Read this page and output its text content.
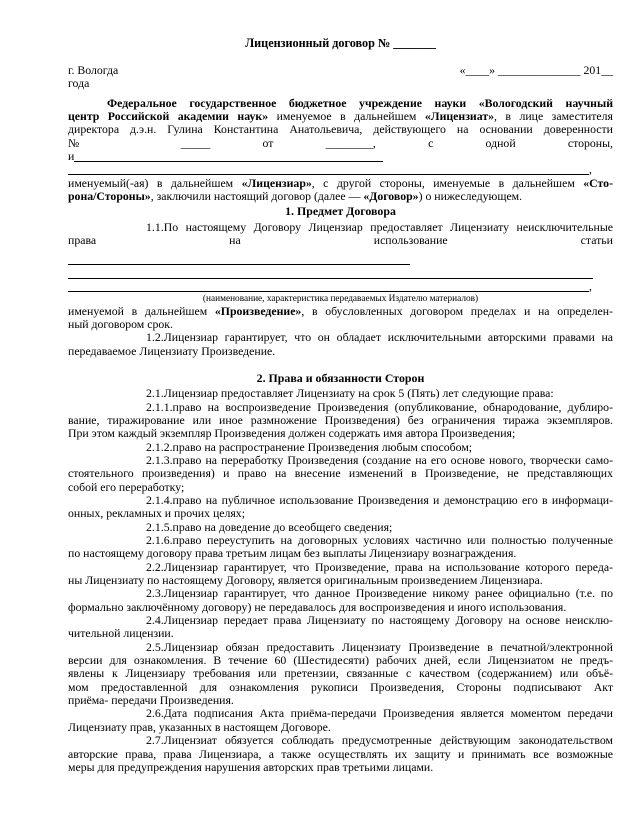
Лицензионный договор № _______
г. Вологда	«____» ______________ 201__
года
Федеральное государственное бюджетное учреждение науки «Вологодский научный
центр Российской академии наук» именуемое в дальнейшем «Лицензиат», в лице заместителя
директора д.э.н. Гулина Константина Анатольевича, действующего на основании доверенности
№ _____ от ________, с одной стороны,
и
,
именуемый(-ая) в дальнейшем «Лицензиар», с другой стороны, именуемые в дальнейшем «Сто-
рона/Стороны», заключили настоящий договор (далее — «Договор») о нижеследующем.
1. Предмет Договора
1.1.По настоящему Договору Лицензиар предоставляет Лицензиату неисключительные
права на использование статьи
,
(наименование, характеристика передаваемых Издателю материалов)
именуемой в дальнейшем «Произведение», в обусловленных договором пределах и на определен-
ный договором срок.
1.2.Лицензиар гарантирует, что он обладает исключительными авторскими правами на
передаваемое Лицензиату Произведение.
2. Права и обязанности Сторон
2.1.Лицензиар предоставляет Лицензиату на срок 5 (Пять) лет следующие права:
2.1.1.право на воспроизведение Произведения (опубликование, обнародование, дублиро-
вание, тиражирование или иное размножение Произведения) без ограничения тиража экземпляров.
При этом каждый экземпляр Произведения должен содержать имя автора Произведения;
2.1.2.право на распространение Произведения любым способом;
2.1.3.право на переработку Произведения (создание на его основе нового, творчески само-
стоятельного произведения) и право на внесение изменений в Произведение, не представляющих
собой его переработку;
2.1.4.право на публичное использование Произведения и демонстрацию его в информаци-
онных, рекламных и прочих целях;
2.1.5.право на доведение до всеобщего сведения;
2.1.6.право переуступить на договорных условиях частично или полностью полученные
по настоящему договору права третьим лицам без выплаты Лицензиару вознаграждения.
2.2.Лицензиар гарантирует, что Произведение, права на использование которого переда-
ны Лицензиату по настоящему Договору, является оригинальным произведением Лицензиара.
2.3.Лицензиар гарантирует, что данное Произведение никому ранее официально (т.е. по
формально заключённому договору) не передавалось для воспроизведения и иного использования.
2.4.Лицензиар передает права Лицензиату по настоящему Договору на основе неисклю-
чительной лицензии.
2.5.Лицензиар обязан предоставить Лицензиату Произведение в печатной/электронной
версии для ознакомления. В течение 60 (Шестидесяти) рабочих дней, если Лицензиатом не предъ-
явлены к Лицензиару требования или претензии, связанные с качеством (содержанием) или объё-
мом предоставленной для ознакомления рукописи Произведения, Стороны подписывают Акт
приёма- передачи Произведения.
2.6.Дата подписания Акта приёма-передачи Произведения является моментом передачи
Лицензиату прав, указанных в настоящем Договоре.
2.7.Лицензиат обязуется соблюдать предусмотренные действующим законодательством
авторские права, права Лицензиара, а также осуществлять их защиту и принимать все возможные
меры для предупреждения нарушения авторских прав третьими лицами.
